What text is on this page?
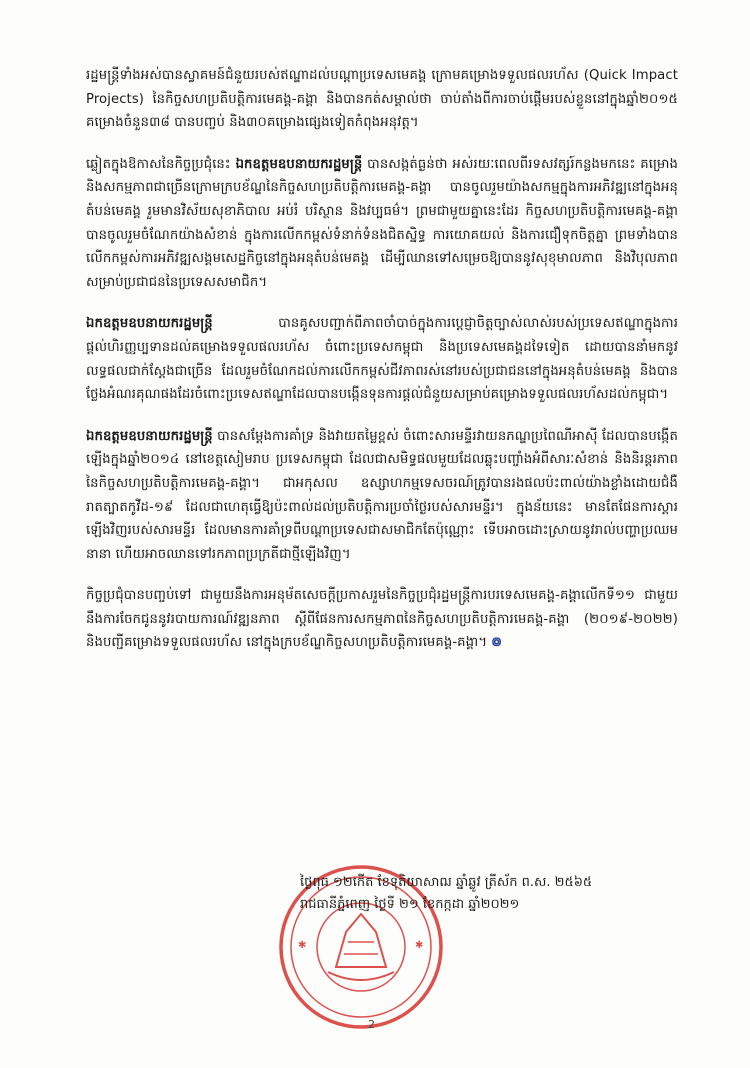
រដ្ឋមន្ត្រីទាំងអស់បានស្វាគមន៍ជំនួយរបស់ឥណ្ឌាដល់បណ្តាប្រទេសមេគង្គ ក្រោមគម្រោងទទួលផលរហ័ស (Quick Impact Projects) នៃកិច្ចសហប្រតិបត្តិការមេគង្គ-គង្គា និងបានកត់សម្គាល់ថា ចាប់តាំងពីការចាប់ផ្តើមរបស់ខ្លួននៅក្នុងឆ្នាំ២០១៥ គម្រោងចំនួន៣៨ បានបញ្ចប់ និង៣០គម្រោងផ្សេងទៀតកំពុងអនុវត្ត។

ឆ្លៀតក្នុងឱកាសនៃកិច្ចប្រជុំនេះ ឯកឧត្តមឧបនាយករដ្ឋមន្ត្រី បានសង្កត់ធ្ងន់ថា អស់រយៈពេលពីរទសវត្សរ៍កន្លងមកនេះ គម្រោង និងសកម្មភាពជាច្រើនក្រោមក្របខ័ណ្ឌនៃកិច្ចសហប្រតិបត្តិការមេគង្គ-គង្គា បានចូលរួមយ៉ាងសកម្មក្នុងការអភិវឌ្ឍនៅក្នុងអនុតំបន់មេគង្គ រួមមានវិស័យសុខាភិបាល អប់រំ បរិស្ថាន និងវប្បធម៌។ ព្រមជាមួយគ្នានេះដែរ កិច្ចសហប្រតិបត្តិការមេគង្គ-គង្គាបានចូលរួមចំណែកយ៉ាងសំខាន់ ក្នុងការលើកកម្ពស់ទំនាក់ទំនងជិតស្និទ្ធ ការយោគយល់ និងការជឿទុកចិត្តគ្នា ព្រមទាំងបានលើកកម្ពស់ការអភិវឌ្ឍសង្គមសេដ្ឋកិច្ចនៅក្នុងអនុតំបន់មេគង្គ ដើម្បីឈានទៅសម្រេចឱ្យបាននូវសុខុមាលភាព និងវិបុលភាព សម្រាប់ប្រជាជននៃប្រទេសសមាជិក។

ឯកឧត្តមឧបនាយករដ្ឋមន្ត្រី បានគូសបញ្ជាក់ពីភាពចាំបាច់ក្នុងការប្តេជ្ញាចិត្តច្បាស់លាស់របស់ប្រទេសឥណ្ឌាក្នុងការផ្តល់ហិរញ្ញប្បទានដល់គម្រោងទទួលផលរហ័ស ចំពោះប្រទេសកម្ពុជា និងប្រទេសមេគង្គដទៃទៀត ដោយបាននាំមកនូវលទ្ធផលជាក់ស្តែងជាច្រើន ដែលរួមចំណែកដល់ការលើកកម្ពស់ជីវភាពរស់នៅរបស់ប្រជាជននៅក្នុងអនុតំបន់មេគង្គ និងបានថ្លែងអំណរគុណផងដែរចំពោះប្រទេសឥណ្ឌាដែលបានបង្កើនទុនការផ្តល់ជំនួយសម្រាប់គម្រោងទទួលផលរហ័សដល់កម្ពុជា។

ឯកឧត្តមឧបនាយករដ្ឋមន្ត្រី បានសម្តែងការគាំទ្រ និងវាយតម្លៃខ្ពស់ ចំពោះសារមន្ទីរវាយនភណ្ឌប្រពៃណីអាស៊ី ដែលបានបង្កើតឡើងក្នុងឆ្នាំ២០១៤ នៅខេត្តសៀមរាប ប្រទេសកម្ពុជា ដែលជាសមិទ្ធផលមួយដែលឆ្លុះបញ្ចាំងអំពីសារៈសំខាន់ និងនិរន្តរភាព នៃកិច្ចសហប្រតិបត្តិការមេគង្គ-គង្គា។ ជាអកុសល ឧស្សាហកម្មទេសចរណ៍ត្រូវបានរងផលប៉ះពាល់យ៉ាងខ្លាំងដោយជំងឺរាតត្បាតកូវីដ-១៩ ដែលជាហេតុធ្វើឱ្យប៉ះពាល់ដល់ប្រតិបត្តិការប្រចាំថ្ងៃរបស់សារមន្ទីរ។ ក្នុងន័យនេះ មានតែផែនការស្តារឡើងវិញរបស់សារមន្ទីរ ដែលមានការគាំទ្រពីបណ្តាប្រទេសជាសមាជិកតែប៉ុណ្ណោះ ទើបអាចដោះស្រាយនូវរាល់បញ្ហាប្រឈមនានា ហើយអាចឈានទៅរកភាពប្រក្រតីជាថ្មីឡើងវិញ។

កិច្ចប្រជុំបានបញ្ចប់ទៅ ជាមួយនឹងការអនុម័តសេចក្តីប្រកាសរួមនៃកិច្ចប្រជុំរដ្ឋមន្ត្រីការបរទេសមេគង្គ-គង្គាលើកទី១១ ជាមួយនឹងការចែកជូននូវរបាយការណ៍វឌ្ឍនភាព ស្តីពីផែនការសកម្មភាពនៃកិច្ចសហប្រតិបត្តិការមេគង្គ-គង្គា (២០១៩-២០២២) និងបញ្ជីគម្រោងទទួលផលរហ័ស នៅក្នុងក្របខ័ណ្ឌកិច្ចសហប្រតិបត្តិការមេគង្គ-គង្គា។ ៙

✱	✱
ថ្ងៃពុធ ១២កើត ខែទុតិយាសាឍ ឆ្នាំឆ្លូវ ត្រីស័ក ព.ស. ២៥៦៥
រាជធានីភ្នំពេញ ថ្ងៃទី ២១ ខែកក្កដា ឆ្នាំ២០២១
2
